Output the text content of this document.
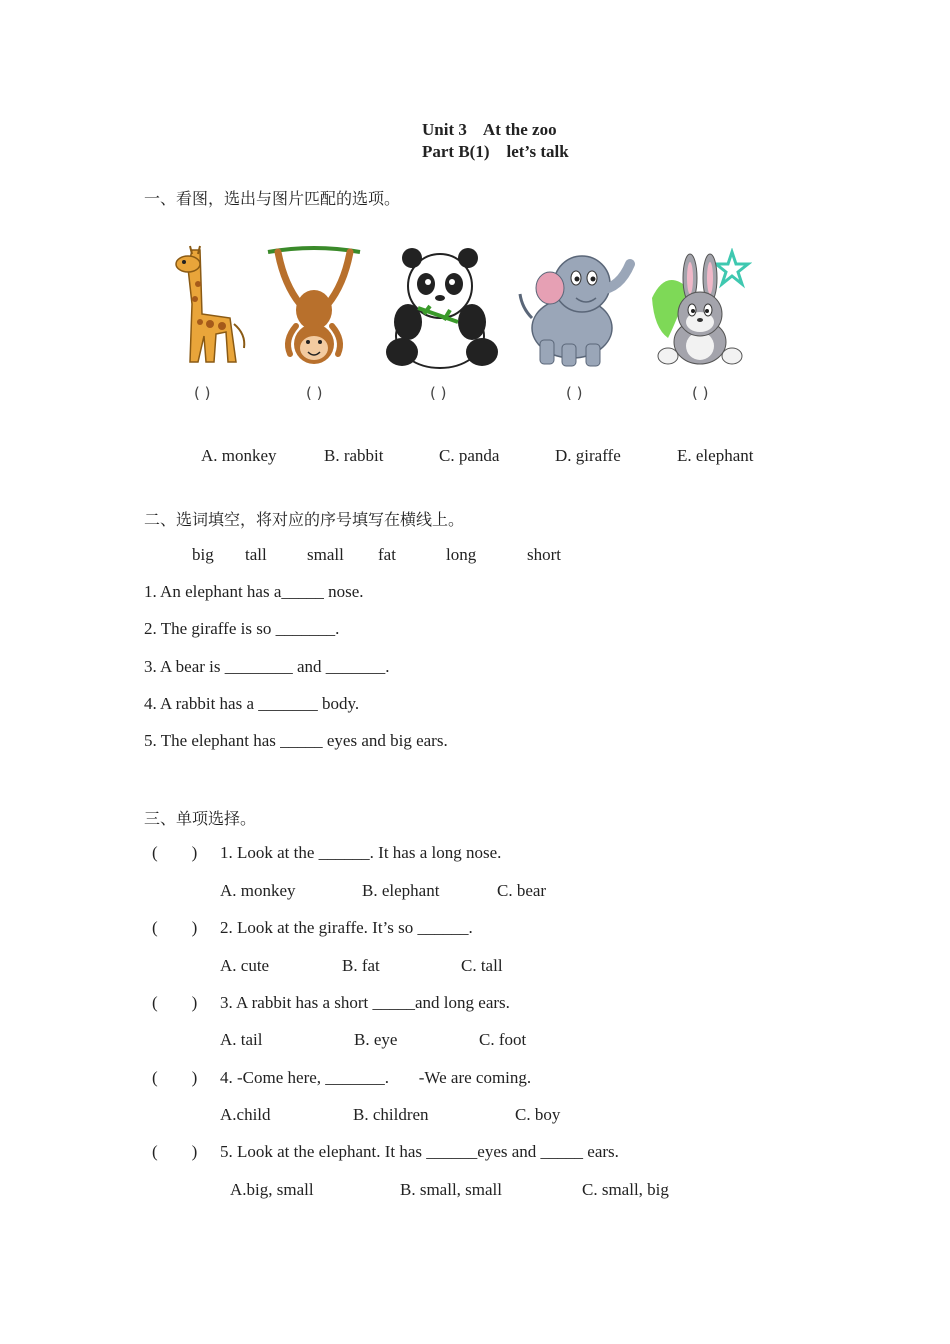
Unit 3    At the zoo
Part B(1)    let’s talk
一、看图，选出与图片匹配的选项。
( )	( )	( )	( )	( )
A. monkey	B. rabbit	C. panda	D. giraffe	E. elephant
二、选词填空，将对应的序号填写在横线上。
big tall small fat	long	short
1. An elephant has a_____ nose.
2. The giraffe is so _______.
3. A bear is ________ and _______.
4. A rabbit has a _______ body.
5. The elephant has _____ eyes and big ears.
三、单项选择。
(        ) 1. Look at the ______. It has a long nose.
A. monkey	B. elephant	C. bear
(        ) 2. Look at the giraffe. It’s so ______.
A. cute	B. fat	C. tall
(        ) 3. A rabbit has a short _____and long ears.
A. tail	B. eye	C. foot
(        ) 4. -Come here, _______.       -We are coming.
A.child	B. children	C. boy
(        ) 5. Look at the elephant. It has ______eyes and _____ ears.
A.big, small	B. small, small	C. small, big
